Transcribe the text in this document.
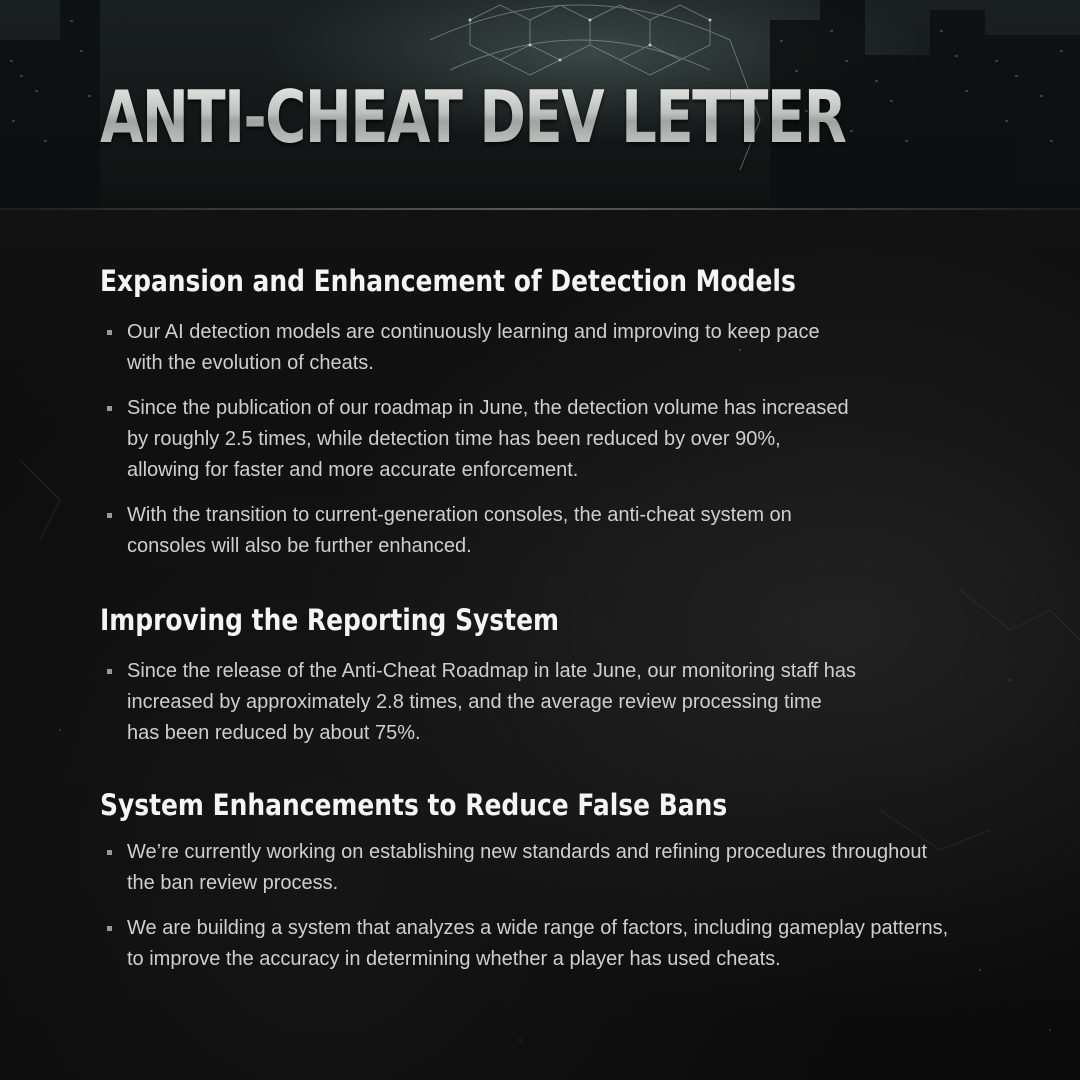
ANTI-CHEAT DEV LETTER
Expansion and Enhancement of Detection Models
Our AI detection models are continuously learning and improving to keep pace
with the evolution of cheats.
Since the publication of our roadmap in June, the detection volume has increased
by roughly 2.5 times, while detection time has been reduced by over 90%,
allowing for faster and more accurate enforcement.
With the transition to current-generation consoles, the anti-cheat system on
consoles will also be further enhanced.
Improving the Reporting System
Since the release of the Anti-Cheat Roadmap in late June, our monitoring staff has
increased by approximately 2.8 times, and the average review processing time
has been reduced by about 75%.
System Enhancements to Reduce False Bans
We’re currently working on establishing new standards and refining procedures throughout
the ban review process.
We are building a system that analyzes a wide range of factors, including gameplay patterns,
to improve the accuracy in determining whether a player has used cheats.
